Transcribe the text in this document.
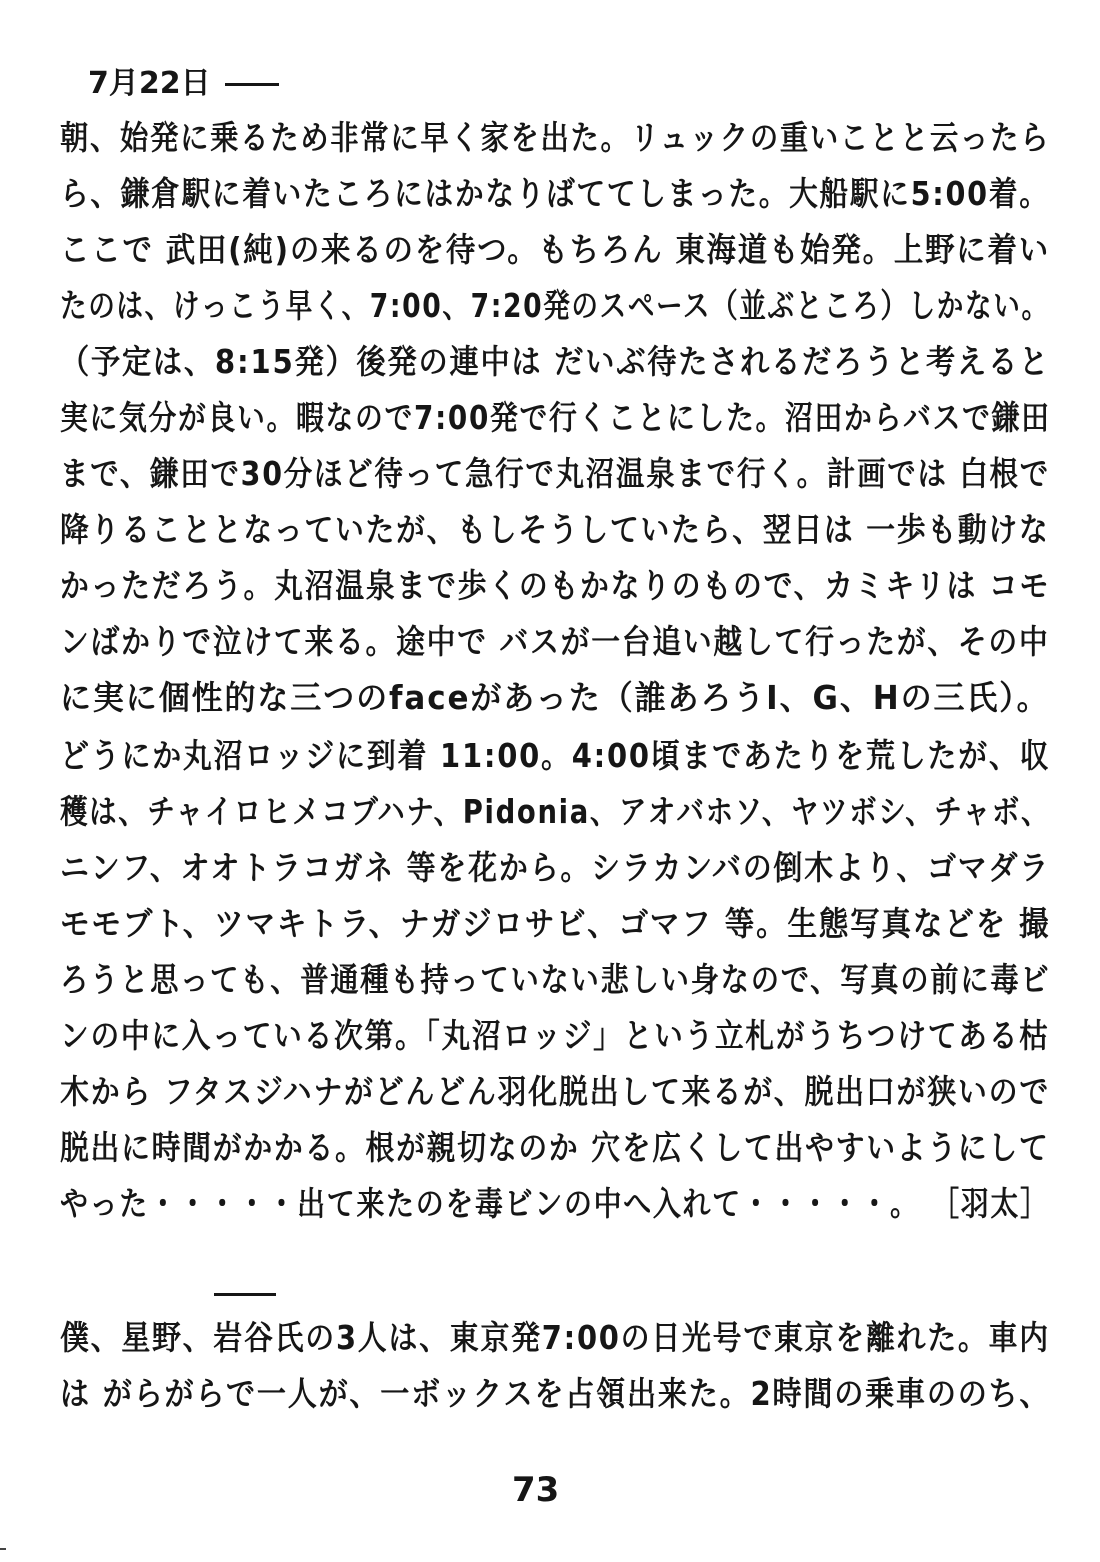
7月22日
朝、始発に乗るため非常に早く家を出た。リュックの重いことと云ったら
ら、鎌倉駅に着いたころにはかなりばててしまった。大船駅に5:00着。
ここで 武田(純)の来るのを待つ。もちろん 東海道も始発。上野に着い
たのは、けっこう早く、7:00、7:20発のスペース（並ぶところ）しかない。
（予定は、8:15発）後発の連中は だいぶ待たされるだろうと考えると
実に気分が良い。暇なので7:00発で行くことにした。沼田からバスで鎌田
まで、鎌田で30分ほど待って急行で丸沼温泉まで行く。計画では 白根で
降りることとなっていたが、もしそうしていたら、翌日は 一歩も動けな
かっただろう。丸沼温泉まで歩くのもかなりのもので、カミキリは コモ
ンばかりで泣けて来る。途中で バスが一台追い越して行ったが、その中
に実に個性的な三つのfaceがあった（誰あろうI、G、Hの三氏）。
どうにか丸沼ロッジに到着 11:00。4:00頃まであたりを荒したが、収
穫は、チャイロヒメコブハナ、Pidonia、アオバホソ、ヤツボシ、チャボ、
ニンフ、オオトラコガネ 等を花から。シラカンバの倒木より、ゴマダラ
モモブト、ツマキトラ、ナガジロサビ、ゴマフ 等。生態写真などを 撮
ろうと思っても、普通種も持っていない悲しい身なので、写真の前に毒ビ
ンの中に入っている次第。「丸沼ロッジ」という立札がうちつけてある枯
木から フタスジハナがどんどん羽化脱出して来るが、脱出口が狭いので
脱出に時間がかかる。根が親切なのか 穴を広くして出やすいようにして
やった・・・・・出て来たのを毒ビンの中へ入れて・・・・・。 ［羽太］
僕、星野、岩谷氏の3人は、東京発7:00の日光号で東京を離れた。車内
は がらがらで一人が、一ボックスを占領出来た。2時間の乗車ののち、
73
